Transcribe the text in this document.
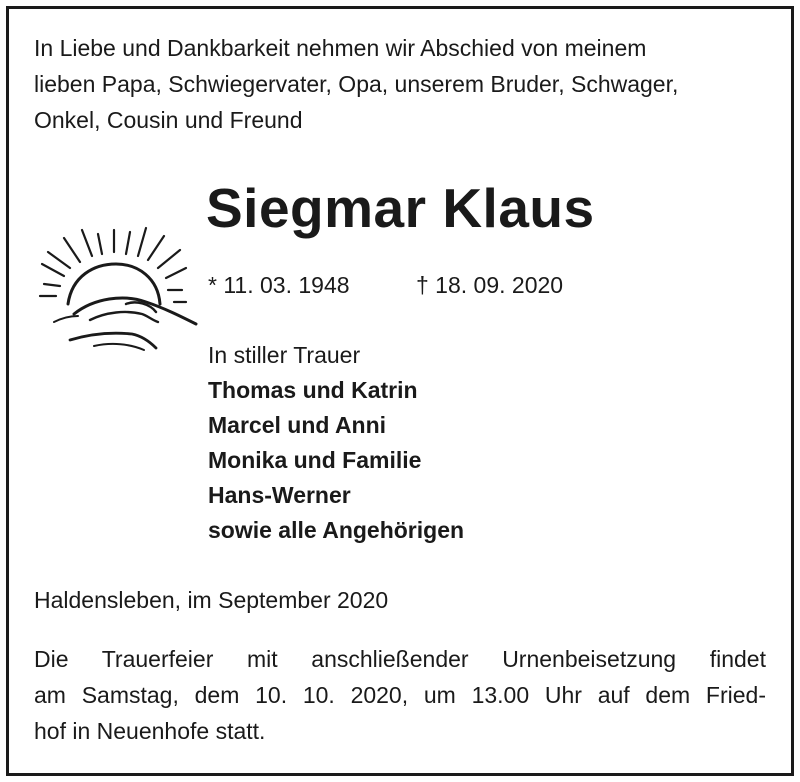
In Liebe und Dankbarkeit nehmen wir Abschied von meinem
lieben Papa, Schwiegervater, Opa, unserem Bruder, Schwager,
Onkel, Cousin und Freund
Siegmar Klaus
* 11. 03. 1948	† 18. 09. 2020
In stiller Trauer
Thomas und Katrin
Marcel und Anni
Monika und Familie
Hans-Werner
sowie alle Angehörigen
Haldensleben, im September 2020
Die Trauerfeier mit anschließender Urnenbeisetzung findet
am Samstag, dem 10. 10. 2020, um 13.00 Uhr auf dem Fried-
hof in Neuenhofe statt.
